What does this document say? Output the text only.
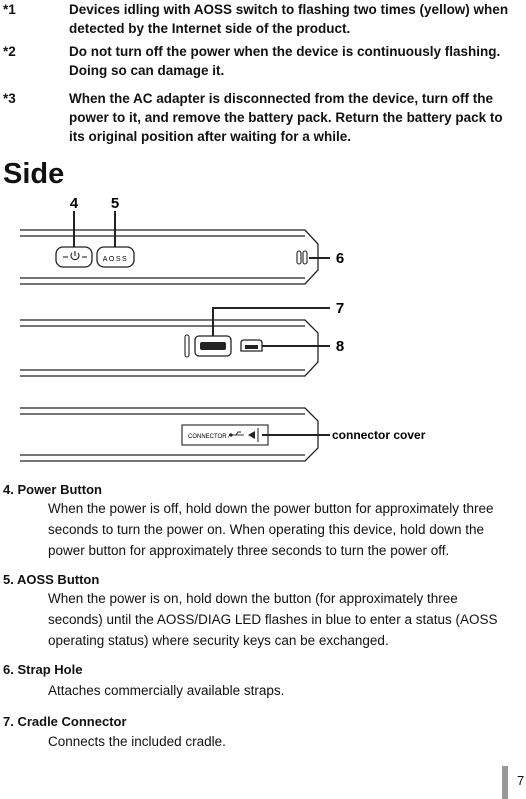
*1	Devices idling with AOSS switch to flashing two times (yellow) when detected by the Internet side of the product.
*2	Do not turn off the power when the device is continuously flashing. Doing so can damage it.
*3	When the AC adapter is disconnected from the device, turn off the power to it, and remove the battery pack. Return the battery pack to its original position after waiting for a while.
Side
AOSS
4 5
6
7
8
CONNECTOR /	connector cover
4. Power Button
When the power is off, hold down the power button for approximately three seconds to turn the power on. When operating this device, hold down the power button for approximately three seconds to turn the power off.
5. AOSS Button
When the power is on, hold down the button (for approximately three seconds) until the AOSS/DIAG LED flashes in blue to enter a status (AOSS operating status) where security keys can be exchanged.
6. Strap Hole
Attaches commercially available straps.
7. Cradle Connector
Connects the included cradle.
7
